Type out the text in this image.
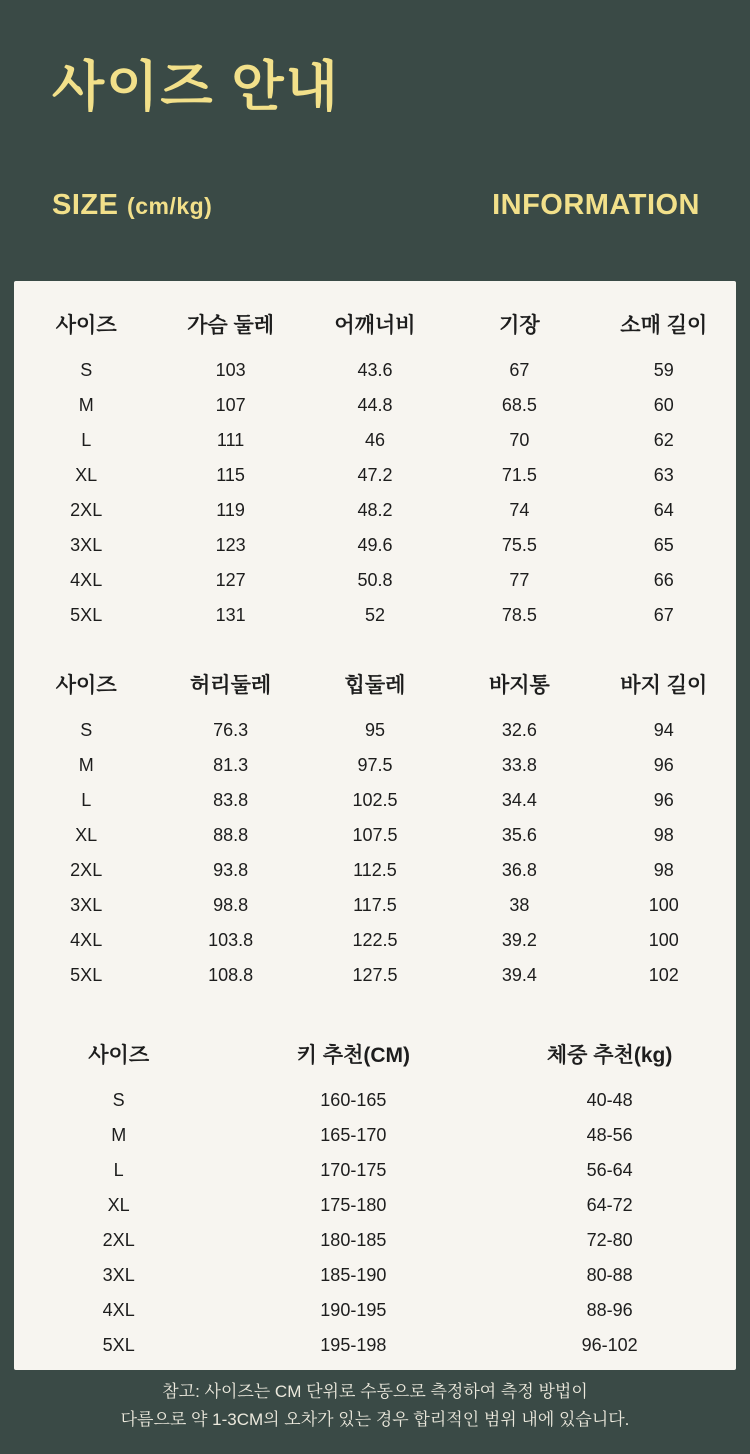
사이즈 안내
SIZE (cm/kg)	INFORMATION
사이즈	가슴 둘레	어깨너비	기장	소매 길이
S	103	43.6	67	59
M	107	44.8	68.5	60
L	111	46	70	62
XL	115	47.2	71.5	63
2XL	119	48.2	74	64
3XL	123	49.6	75.5	65
4XL	127	50.8	77	66
5XL	131	52	78.5	67
사이즈	허리둘레	힙둘레	바지통	바지 길이
S	76.3	95	32.6	94
M	81.3	97.5	33.8	96
L	83.8	102.5	34.4	96
XL	88.8	107.5	35.6	98
2XL	93.8	112.5	36.8	98
3XL	98.8	117.5	38	100
4XL	103.8	122.5	39.2	100
5XL	108.8	127.5	39.4	102
사이즈	키 추천(CM)	체중 추천(kg)
S	160-165	40-48
M	165-170	48-56
L	170-175	56-64
XL	175-180	64-72
2XL	180-185	72-80
3XL	185-190	80-88
4XL	190-195	88-96
5XL	195-198	96-102
참고: 사이즈는 CM 단위로 수동으로 측정하여 측정 방법이
다름으로 약 1-3CM의 오차가 있는 경우 합리적인 범위 내에 있습니다.
